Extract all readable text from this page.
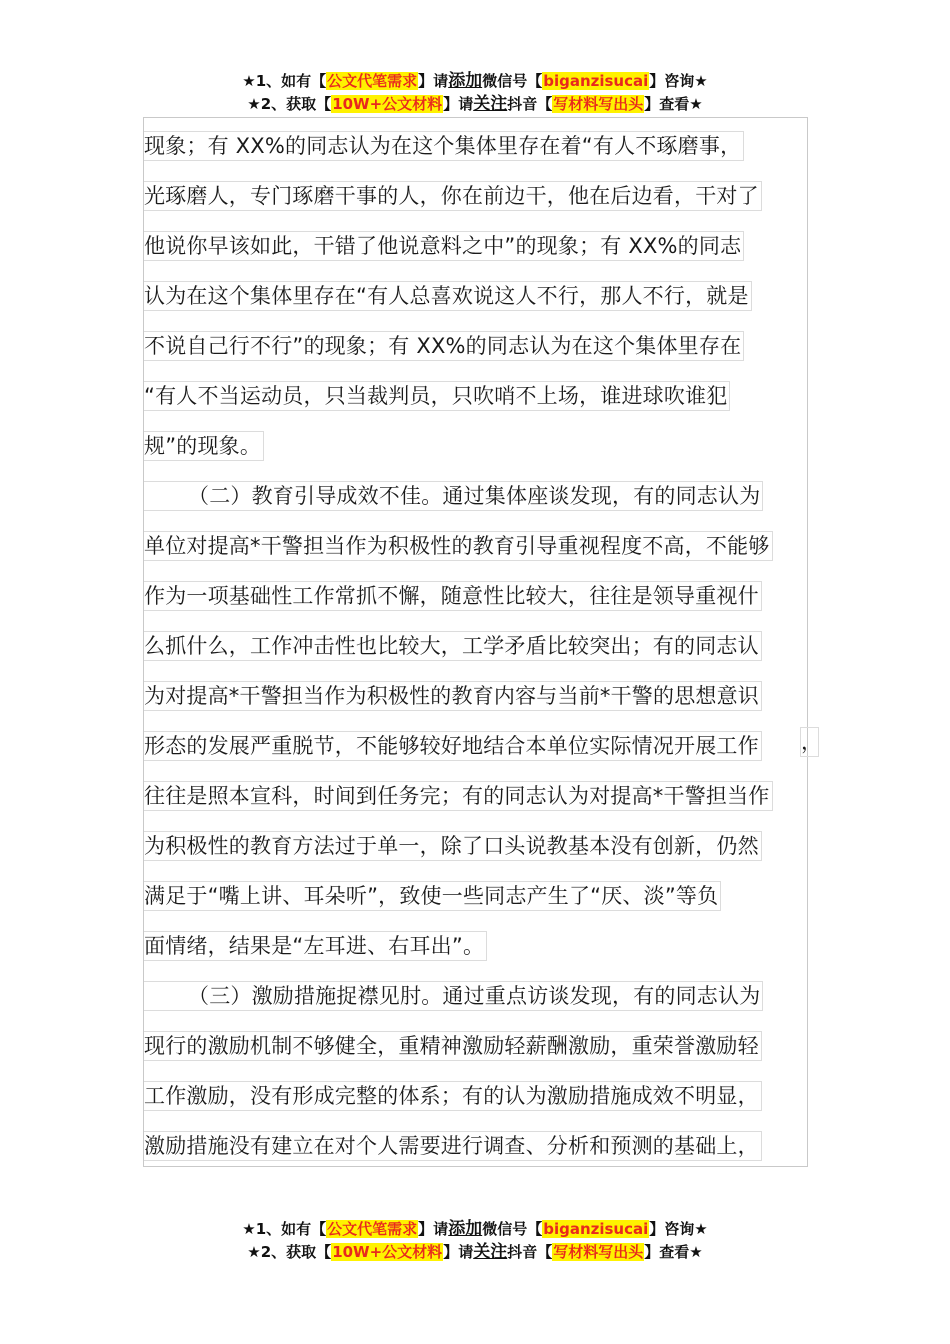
★1、如有【公文代笔需求】请添加微信号【biganzisucai】咨询★
★2、获取【10W+公文材料】请关注抖音【写材料写出头】查看★
现象；有 XX%的同志认为在这个集体里存在着“有人不琢磨事，
光琢磨人，专门琢磨干事的人，你在前边干，他在后边看，干对了
他说你早该如此，干错了他说意料之中”的现象；有 XX%的同志
认为在这个集体里存在“有人总喜欢说这人不行，那人不行，就是
不说自己行不行”的现象；有 XX%的同志认为在这个集体里存在
“有人不当运动员，只当裁判员，只吹哨不上场，谁进球吹谁犯
规”的现象。
（二）教育引导成效不佳。通过集体座谈发现，有的同志认为
单位对提高*干警担当作为积极性的教育引导重视程度不高，不能够
作为一项基础性工作常抓不懈，随意性比较大，往往是领导重视什
么抓什么，工作冲击性也比较大，工学矛盾比较突出；有的同志认
为对提高*干警担当作为积极性的教育内容与当前*干警的思想意识
形态的发展严重脱节，不能够较好地结合本单位实际情况开展工作 ，
往往是照本宣科，时间到任务完；有的同志认为对提高*干警担当作
为积极性的教育方法过于单一，除了口头说教基本没有创新，仍然
满足于“嘴上讲、耳朵听”，致使一些同志产生了“厌、淡”等负
面情绪，结果是“左耳进、右耳出”。
（三）激励措施捉襟见肘。通过重点访谈发现，有的同志认为
现行的激励机制不够健全，重精神激励轻薪酬激励，重荣誉激励轻
工作激励，没有形成完整的体系；有的认为激励措施成效不明显，
激励措施没有建立在对个人需要进行调查、分析和预测的基础上，
★1、如有【公文代笔需求】请添加微信号【biganzisucai】咨询★
★2、获取【10W+公文材料】请关注抖音【写材料写出头】查看★
